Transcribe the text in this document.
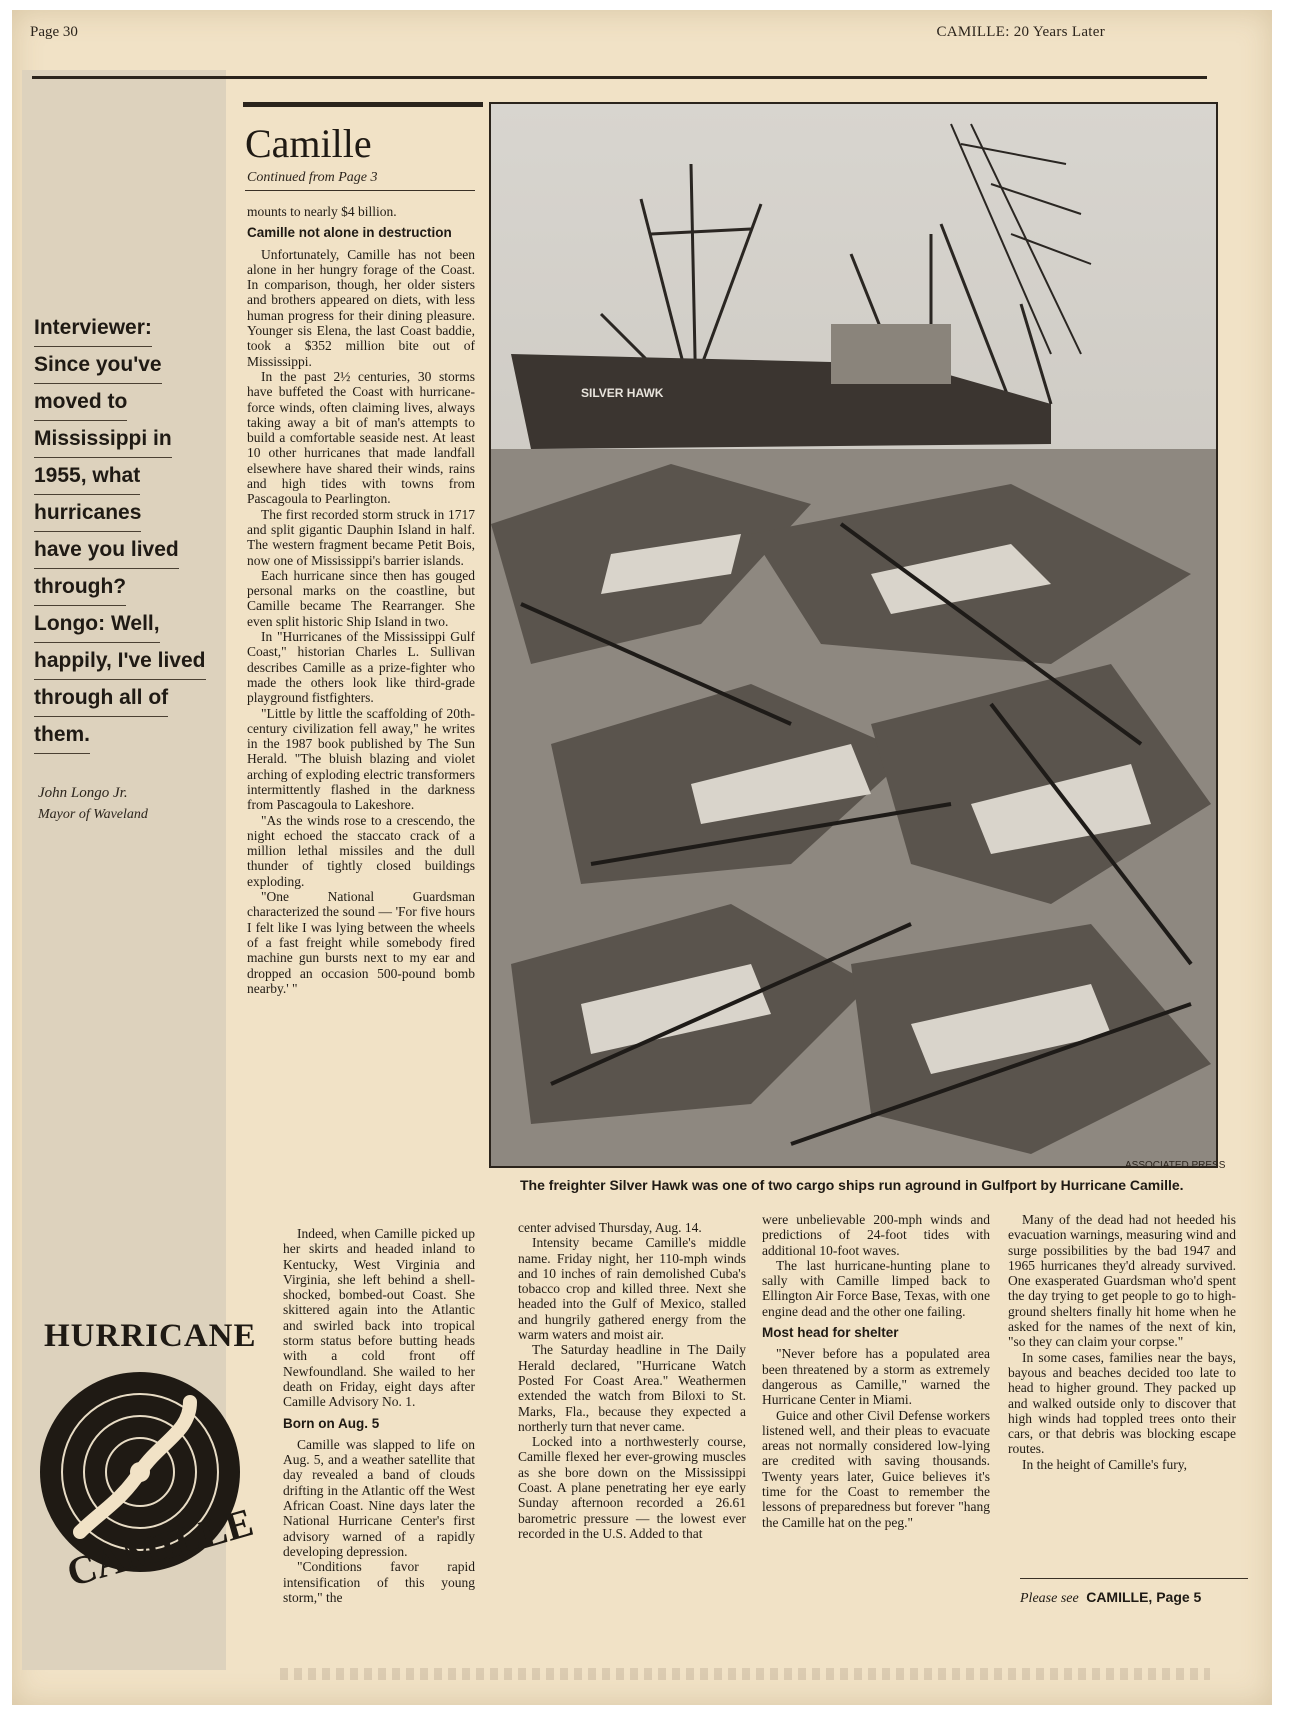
Page 30	CAMILLE: 20 Years Later
Camille
Continued from Page 3
Interviewer:
Since you've
moved to
Mississippi in
1955, what
hurricanes
have you lived
through?
Longo: Well,
happily, I've lived
through all of
them.
John Longo Jr.
Mayor of Waveland

mounts to nearly $4 billion.

Camille not alone in destruction

Unfortunately, Camille has not been alone in her hungry forage of the Coast. In comparison, though, her older sisters and brothers appeared on diets, with less human progress for their dining pleasure. Younger sis Elena, the last Coast baddie, took a $352 million bite out of Mississippi.

In the past 2½ centuries, 30 storms have buffeted the Coast with hurricane-force winds, often claiming lives, always taking away a bit of man's attempts to build a comfortable seaside nest. At least 10 other hurricanes that made landfall elsewhere have shared their winds, rains and high tides with towns from Pascagoula to Pearlington.

The first recorded storm struck in 1717 and split gigantic Dauphin Island in half. The western fragment became Petit Bois, now one of Mississippi's barrier islands.

Each hurricane since then has gouged personal marks on the coastline, but Camille became The Rearranger. She even split historic Ship Island in two.

In "Hurricanes of the Mississippi Gulf Coast," historian Charles L. Sullivan describes Camille as a prize-fighter who made the others look like third-grade playground fistfighters.

"Little by little the scaffolding of 20th-century civilization fell away," he writes in the 1987 book published by The Sun Herald. "The bluish blazing and violet arching of exploding electric transformers intermittently flashed in the darkness from Pascagoula to Lakeshore.

"As the winds rose to a crescendo, the night echoed the staccato crack of a million lethal missiles and the dull thunder of tightly closed buildings exploding.

"One National Guardsman characterized the sound — 'For five hours I felt like I was lying between the wheels of a fast freight while somebody fired machine gun bursts next to my ear and dropped an occasion 500-pound bomb nearby.' "

Indeed, when Camille picked up her skirts and headed inland to Kentucky, West Virginia and Virginia, she left behind a shell-shocked, bombed-out Coast. She skittered again into the Atlantic and swirled back into tropical storm status before butting heads with a cold front off Newfoundland. She wailed to her death on Friday, eight days after Camille Advisory No. 1.

Born on Aug. 5

Camille was slapped to life on Aug. 5, and a weather satellite that day revealed a band of clouds drifting in the Atlantic off the West African Coast. Nine days later the National Hurricane Center's first advisory warned of a rapidly developing depression.

"Conditions favor rapid intensification of this young storm," the

center advised Thursday, Aug. 14.

Intensity became Camille's middle name. Friday night, her 110-mph winds and 10 inches of rain demolished Cuba's tobacco crop and killed three. Next she headed into the Gulf of Mexico, stalled and hungrily gathered energy from the warm waters and moist air.

The Saturday headline in The Daily Herald declared, "Hurricane Watch Posted For Coast Area." Weathermen extended the watch from Biloxi to St. Marks, Fla., because they expected a northerly turn that never came.

Locked into a northwesterly course, Camille flexed her ever-growing muscles as she bore down on the Mississippi Coast. A plane penetrating her eye early Sunday afternoon recorded a 26.61 barometric pressure — the lowest ever recorded in the U.S. Added to that

were unbelievable 200-mph winds and predictions of 24-foot tides with additional 10-foot waves.

The last hurricane-hunting plane to sally with Camille limped back to Ellington Air Force Base, Texas, with one engine dead and the other one failing.

Most head for shelter

"Never before has a populated area been threatened by a storm as extremely dangerous as Camille," warned the Hurricane Center in Miami.

Guice and other Civil Defense workers listened well, and their pleas to evacuate areas not normally considered low-lying are credited with saving thousands. Twenty years later, Guice believes it's time for the Coast to remember the lessons of preparedness but forever "hang the Camille hat on the peg."

Many of the dead had not heeded his evacuation warnings, measuring wind and surge possibilities by the bad 1947 and 1965 hurricanes they'd already survived. One exasperated Guardsman who'd spent the day trying to get people to go to high-ground shelters finally hit home when he asked for the names of the next of kin, "so they can claim your corpse."

In some cases, families near the bays, bayous and beaches decided too late to head to higher ground. They packed up and walked outside only to discover that high winds had toppled trees onto their cars, or that debris was blocking escape routes.

In the height of Camille's fury,

SILVER HAWK
ASSOCIATED PRESS
The freighter Silver Hawk was one of two cargo ships run aground in Gulfport by Hurricane Camille.
HURRICANE
CAMILLE
Please see CAMILLE, Page 5
